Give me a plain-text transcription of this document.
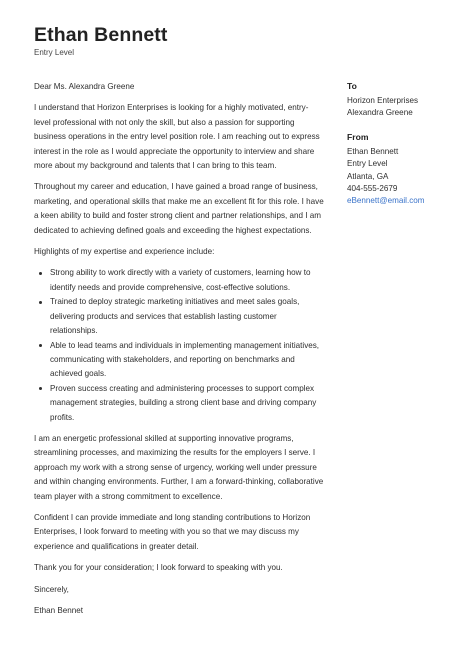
Ethan Bennett
Entry Level

Dear Ms. Alexandra Greene

I understand that Horizon Enterprises is looking for a highly motivated, entry-level professional with not only the skill, but also a passion for supporting business operations in the entry level position role. I am reaching out to express interest in the role as I would appreciate the opportunity to interview and share more about my background and talents that I can bring to this team.

Throughout my career and education, I have gained a broad range of business, marketing, and operational skills that make me an excellent fit for this role. I have a keen ability to build and foster strong client and partner relationships, and I am dedicated to achieving defined goals and exceeding the highest expectations.

Highlights of my expertise and experience include:

Strong ability to work directly with a variety of customers, learning how to identify needs and provide comprehensive, cost-effective solutions.
Trained to deploy strategic marketing initiatives and meet sales goals, delivering products and services that establish lasting customer relationships.
Able to lead teams and individuals in implementing management initiatives, communicating with stakeholders, and reporting on benchmarks and achieved goals.
Proven success creating and administering processes to support complex management strategies, building a strong client base and driving company profits.

I am an energetic professional skilled at supporting innovative programs, streamlining processes, and maximizing the results for the employers I serve. I approach my work with a strong sense of urgency, working well under pressure and within changing environments. Further, I am a forward-thinking, collaborative team player with a strong commitment to excellence.

Confident I can provide immediate and long standing contributions to Horizon Enterprises, I look forward to meeting with you so that we may discuss my experience and qualifications in greater detail.

Thank you for your consideration; I look forward to speaking with you.

Sincerely,

Ethan Bennet

To
Horizon Enterprises
Alexandra Greene
From
Ethan Bennett
Entry Level
Atlanta, GA
404-555-2679
eBennett@email.com
